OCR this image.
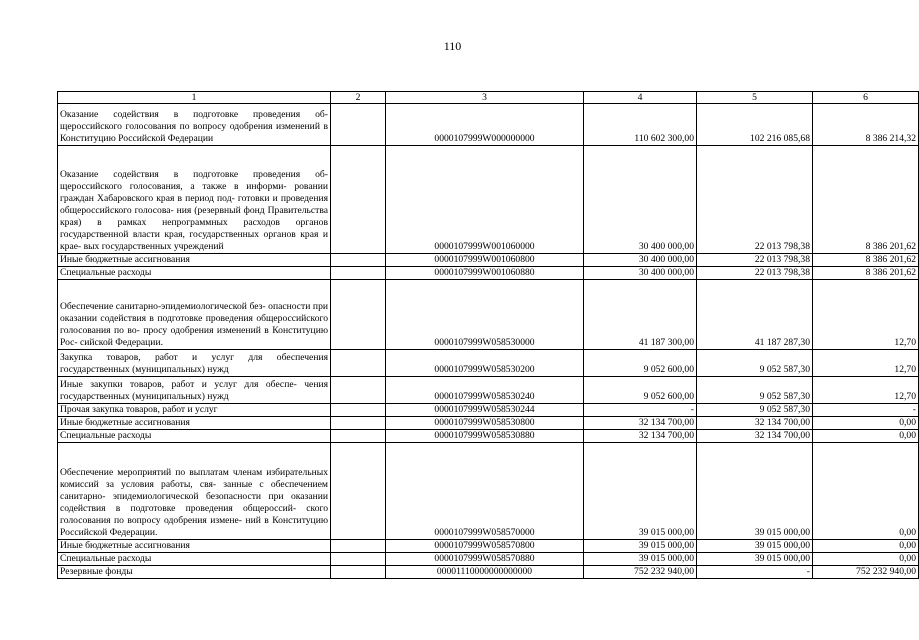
110
1	2	3	4	5	6
Оказание содействия в подготовке проведения об- щероссийского голосования по вопросу одобрения изменений в Конституцию Российской Федерации		0000107999W000000000	110 602 300,00	102 216 085,68	8 386 214,32
Оказание содействия в подготовке проведения об- щероссийского голосования, а также в информи- ровании граждан Хабаровского края в период под- готовки и проведения общероссийского голосова- ния (резервный фонд Правительства края) в рамках непрограммных расходов органов государственной власти края, государственных органов края и крае- вых государственных учреждений		0000107999W001060000	30 400 000,00	22 013 798,38	8 386 201,62
Иные бюджетные ассигнования		0000107999W001060800	30 400 000,00	22 013 798,38	8 386 201,62
Специальные расходы		0000107999W001060880	30 400 000,00	22 013 798,38	8 386 201,62
Обеспечение санитарно-эпидемиологической без- опасности при оказании содействия в подготовке проведения общероссийского голосования по во- просу одобрения изменений в Конституцию Рос- сийской Федерации.		0000107999W058530000	41 187 300,00	41 187 287,30	12,70
Закупка товаров, работ и услуг для обеспечения государственных (муниципальных) нужд		0000107999W058530200	9 052 600,00	9 052 587,30	12,70
Иные закупки товаров, работ и услуг для обеспе- чения государственных (муниципальных) нужд		0000107999W058530240	9 052 600,00	9 052 587,30	12,70
Прочая закупка товаров, работ и услуг		0000107999W058530244	-	9 052 587,30	-
Иные бюджетные ассигнования		0000107999W058530800	32 134 700,00	32 134 700,00	0,00
Специальные расходы		0000107999W058530880	32 134 700,00	32 134 700,00	0,00
Обеспечение мероприятий по выплатам членам избирательных комиссий за условия работы, свя- занные с обеспечением санитарно- эпидемиологической безопасности при оказании содействия в подготовке проведения общероссий- ского голосования по вопросу одобрения измене- ний в Конституцию Российской Федерации.		0000107999W058570000	39 015 000,00	39 015 000,00	0,00
Иные бюджетные ассигнования		0000107999W058570800	39 015 000,00	39 015 000,00	0,00
Специальные расходы		0000107999W058570880	39 015 000,00	39 015 000,00	0,00
Резервные фонды		00001110000000000000	752 232 940,00	-	752 232 940,00
